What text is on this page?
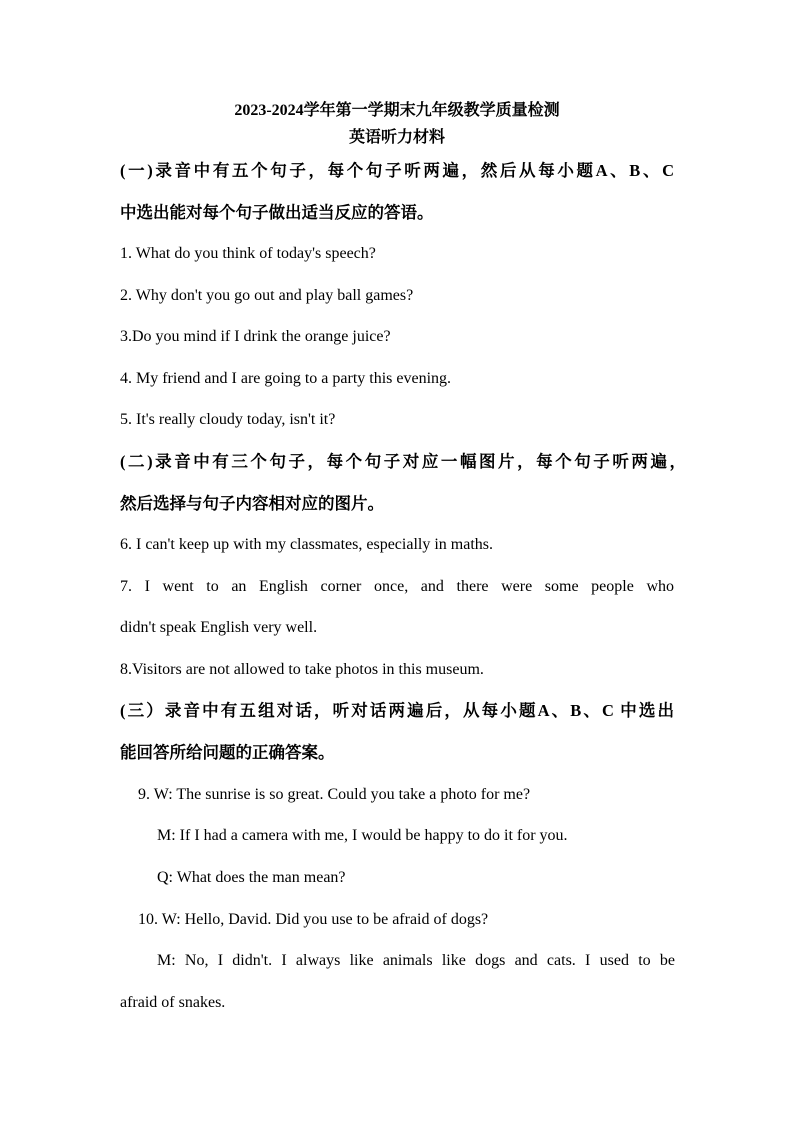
2023-2024学年第一学期末九年级教学质量检测
英语听力材料
(一)录音中有五个句子，每个句子听两遍，然后从每小题A、B、C
中选出能对每个句子做出适当反应的答语。
1. What do you think of today's speech?
2. Why don't you go out and play ball games?
3.Do you mind if I drink the orange juice?
4. My friend and I are going to a party this evening.
5. It's really cloudy today, isn't it?
(二)录音中有三个句子，每个句子对应一幅图片，每个句子听两遍，
然后选择与句子内容相对应的图片。
6. I can't keep up with my classmates, especially in maths.
7. I went to an English corner once, and there were some people who
didn't speak English very well.
8.Visitors are not allowed to take photos in this museum.
(三）录音中有五组对话，听对话两遍后，从每小题A、B、C 中选出
能回答所给问题的正确答案。
9. W: The sunrise is so great. Could you take a photo for me?
M: If I had a camera with me, I would be happy to do it for you.
Q: What does the man mean?
10. W: Hello, David. Did you use to be afraid of dogs?
M: No, I didn't. I always like animals like dogs and cats. I used to be
afraid of snakes.
